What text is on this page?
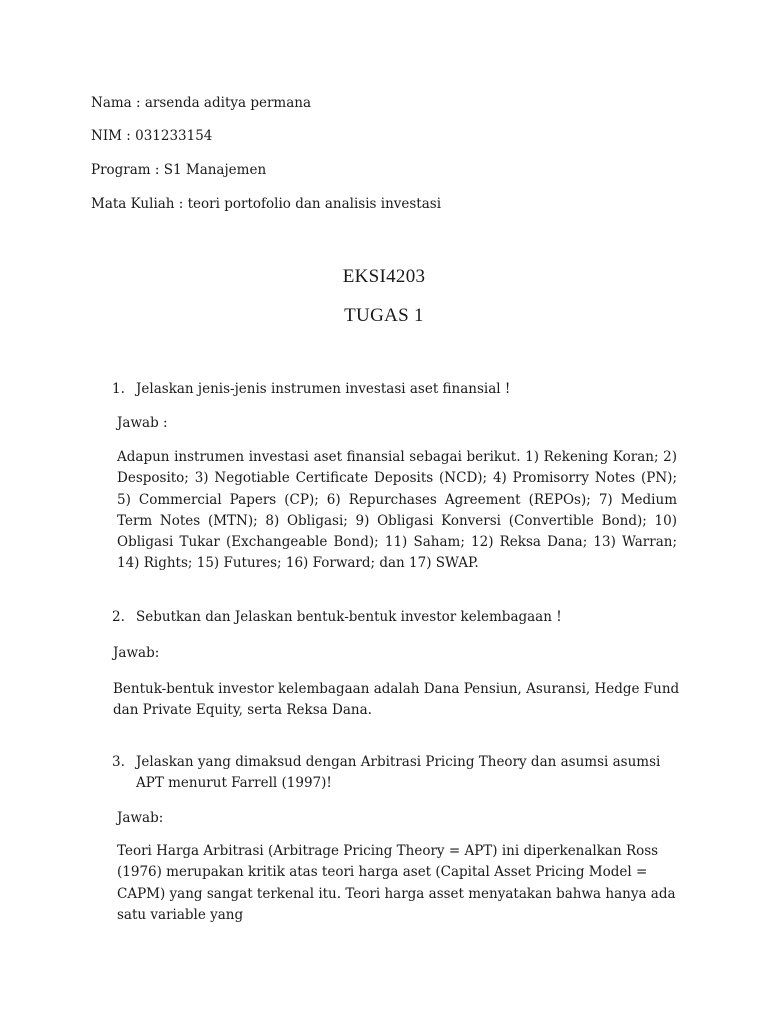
Nama : arsenda aditya permana
NIM : 031233154
Program : S1 Manajemen
Mata Kuliah : teori portofolio dan analisis investasi
EKSI4203
TUGAS 1
1. Jelaskan jenis-jenis instrumen investasi aset finansial !
Jawab :
Adapun instrumen investasi aset finansial sebagai berikut. 1) Rekening Koran; 2) Desposito; 3) Negotiable Certificate Deposits (NCD); 4) Promisorry Notes (PN); 5) Commercial Papers (CP); 6) Repurchases Agreement (REPOs); 7) Medium Term Notes (MTN); 8) Obligasi; 9) Obligasi Konversi (Convertible Bond); 10) Obligasi Tukar (Exchangeable Bond); 11) Saham; 12) Reksa Dana; 13) Warran; 14) Rights; 15) Futures; 16) Forward; dan 17) SWAP.
2. Sebutkan dan Jelaskan bentuk-bentuk investor kelembagaan !
Jawab:
Bentuk-bentuk investor kelembagaan adalah Dana Pensiun, Asuransi, Hedge Fund dan Private Equity, serta Reksa Dana.
3. Jelaskan yang dimaksud dengan Arbitrasi Pricing Theory dan asumsi asumsi APT menurut Farrell (1997)!
Jawab:
Teori Harga Arbitrasi (Arbitrage Pricing Theory = APT) ini diperkenalkan Ross (1976) merupakan kritik atas teori harga aset (Capital Asset Pricing Model = CAPM) yang sangat terkenal itu. Teori harga asset menyatakan bahwa hanya ada satu variable yang
